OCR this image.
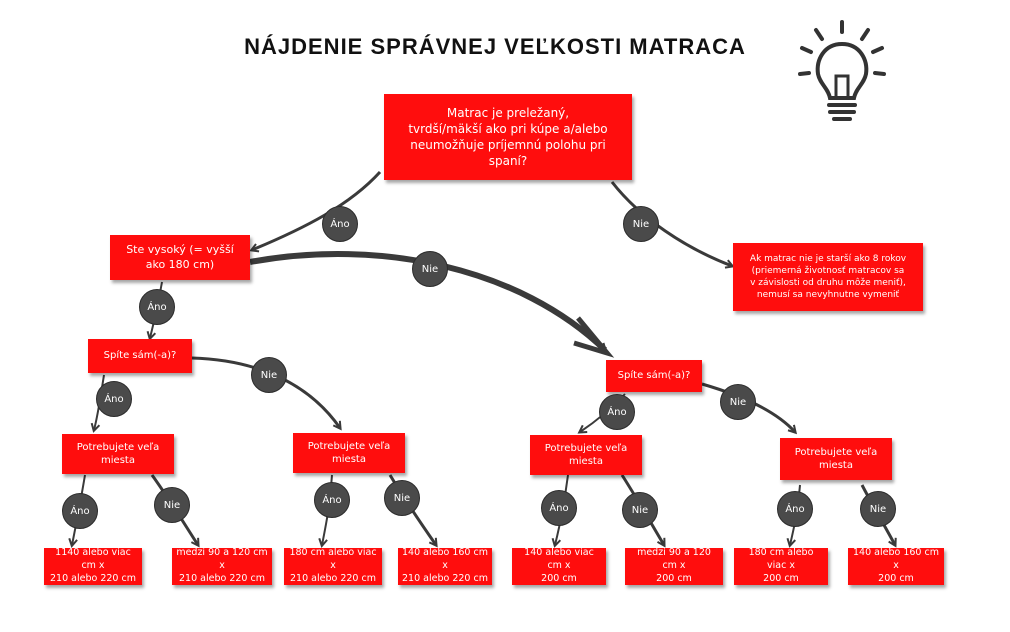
NÁJDENIE SPRÁVNEJ VEĽKOSTI MATRACA
Matrac je preležaný,
tvrdší/mäkší ako pri kúpe a/alebo
neumožňuje príjemnú polohu pri
spaní?
Ste vysoký (= vyšší
ako 180 cm)	Ak matrac nie je starší ako 8 rokov
(priemerná životnosť matracov sa
v závislosti od druhu môže meniť),
nemusí sa nevyhnutne vymeniť
Spíte sám(-a)?
Spíte sám(-a)?
Potrebujete veľa
miesta
Potrebujete veľa
miesta
Potrebujete veľa
miesta
Potrebujete veľa
miesta
1140 alebo viac cm x
210 alebo 220 cm
medzi 90 a 120 cm x
210 alebo 220 cm
180 cm alebo viac x
210 alebo 220 cm
140 alebo 160 cm x
210 alebo 220 cm
140 alebo viac cm x
200 cm
medzi 90 a 120 cm x
200 cm
180 cm alebo viac x
200 cm
140 alebo 160 cm x
200 cm
Áno	Nie
Nie
Áno
Áno
Nie
Áno
Nie
Áno
Nie	Áno	Nie
Áno	Nie	Áno	Nie
